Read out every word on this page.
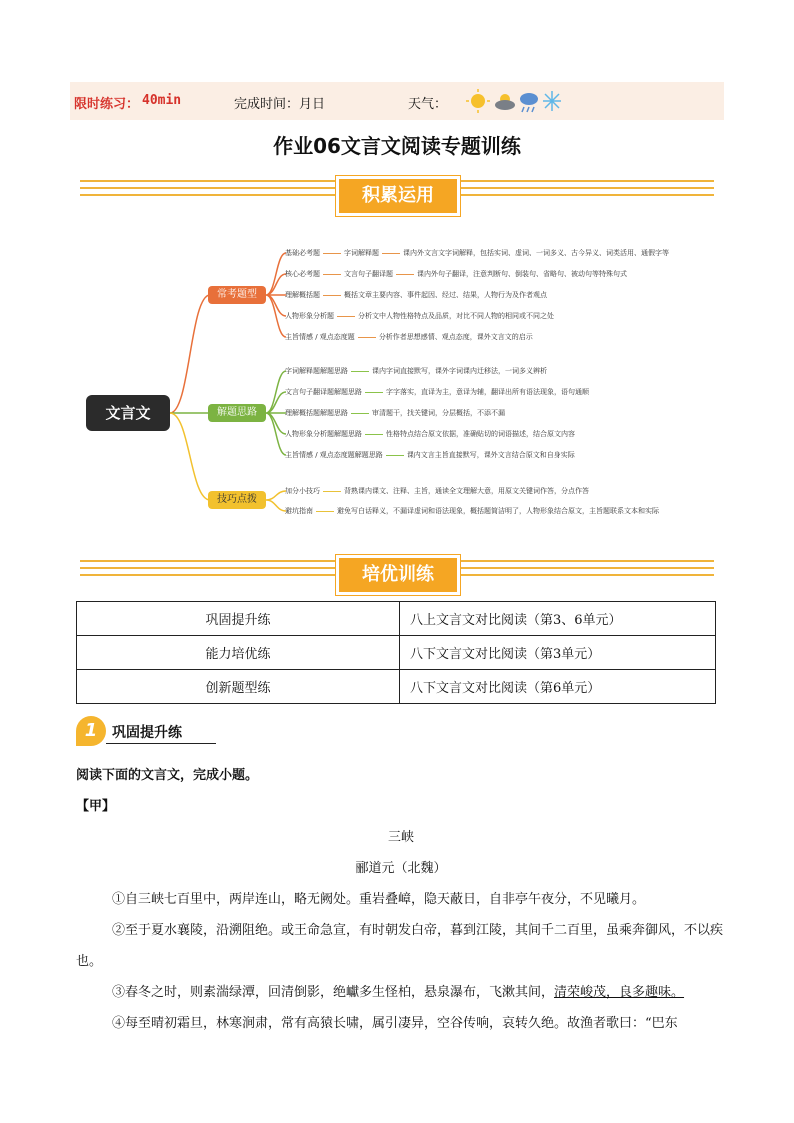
限时练习： 40min	完成时间：月日	天气：
作业06文言文阅读专题训练
积累运用
文言文
常考题型
解题思路
技巧点拨
基础必考题	字词解释题	课内外文言文字词解释，包括实词、虚词、一词多义、古今异义、词类活用、通假字等
核心必考题	文言句子翻译题	课内外句子翻译，注意判断句、倒装句、省略句、被动句等特殊句式
理解概括题	概括文章主要内容、事件起因、经过、结果，人物行为及作者观点
人物形象分析题	分析文中人物性格特点及品质，对比不同人物的相同或不同之处
主旨情感 / 观点态度题	分析作者思想感情、观点态度，课外文言文的启示
字词解释题解题思路	课内字词直接默写，课外字词课内迁移法，一词多义辨析
文言句子翻译题解题思路	字字落实，直译为主，意译为辅，翻译出所有语法现象，语句通顺
理解概括题解题思路	审清题干，找关键词，分层概括，不添不漏
人物形象分析题解题思路	性格特点结合原文依据，准确贴切的词语描述，结合原文内容
主旨情感 / 观点态度题解题思路	课内文言主旨直接默写，课外文言结合原文和自身实际
加分小技巧	背熟课内课文、注释、主旨，通读全文理解大意，用原文关键词作答，分点作答
避坑指南	避免写白话释义，不漏译虚词和语法现象，概括题简洁明了，人物形象结合原文，主旨题联系文本和实际
培优训练
巩固提升练	八上文言文对比阅读（第3、6单元）
能力培优练	八下文言文对比阅读（第3单元）
创新题型练	八下文言文对比阅读（第6单元）
1	巩固提升练
阅读下面的文言文，完成小题。
【甲】
三峡
郦道元（北魏）
①自三峡七百里中，两岸连山，略无阙处。重岩叠嶂，隐天蔽日，自非亭午夜分，不见曦月。
②至于夏水襄陵，沿溯阻绝。或王命急宣，有时朝发白帝，暮到江陵，其间千二百里，虽乘奔御风，不以疾也。
③春冬之时，则素湍绿潭，回清倒影，绝巘多生怪柏，悬泉瀑布，飞漱其间，清荣峻茂，良多趣味。
④每至晴初霜旦，林寒涧肃，常有高猿长啸，属引凄异，空谷传响，哀转久绝。故渔者歌曰：“巴东
